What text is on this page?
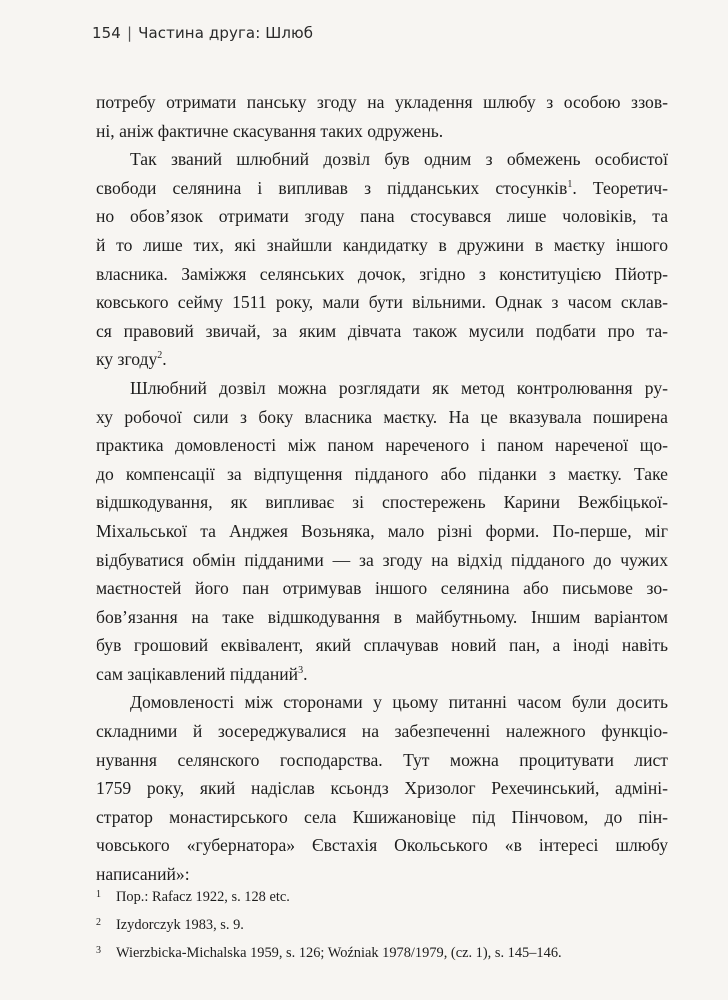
154 | Частина друга: Шлюб
потребу отримати панську згоду на укладення шлюбу з особою ззов-
ні, аніж фактичне скасування таких одружень.
Так званий шлюбний дозвіл був одним з обмежень особистої
свободи селянина і випливав з підданських стосунків$^1$. Теоретич-
но обов’язок отримати згоду пана стосувався лише чоловіків, та
й то лише тих, які знайшли кандидатку в дружини в маєтку іншого
власника. Заміжжя селянських дочок, згідно з конституцією Пйотр-
ковського сейму 1511 року, мали бути вільними. Однак з часом склав-
ся правовий звичай, за яким дівчата також мусили подбати про та-
ку згоду$^2$.
Шлюбний дозвіл можна розглядати як метод контролювання ру-
ху робочої сили з боку власника маєтку. На це вказувала поширена
практика домовленості між паном нареченого і паном нареченої що-
до компенсації за відпущення підданого або піданки з маєтку. Таке
відшкодування, як випливає зі спостережень Карини Вежбіцької-
Міхальської та Анджея Возьняка, мало різні форми. По-перше, міг
відбуватися обмін підданими — за згоду на відхід підданого до чужих
маєтностей його пан отримував іншого селянина або письмове зо-
бов’язання на таке відшкодування в майбутньому. Іншим варіантом
був грошовий еквівалент, який сплачував новий пан, а іноді навіть
сам зацікавлений підданий$^3$.
Домовленості між сторонами у цьому питанні часом були досить
складними й зосереджувалися на забезпеченні належного функціо-
нування селянского господарства. Тут можна процитувати лист
1759 року, який надіслав ксьондз Хризолог Рехечинський, адміні-
стратор монастирського села Кшижановіце під Пінчовом, до пін-
човського «губернатора» Євстахія Окольського «в інтересі шлюбу
написаний»:
1 Пор.: Rafacz 1922, s. 128 etc.
2 Izydorczyk 1983, s. 9.
3 Wierzbicka-Michalska 1959, s. 126; Woźniak 1978/1979, (cz. 1), s. 145–146.
